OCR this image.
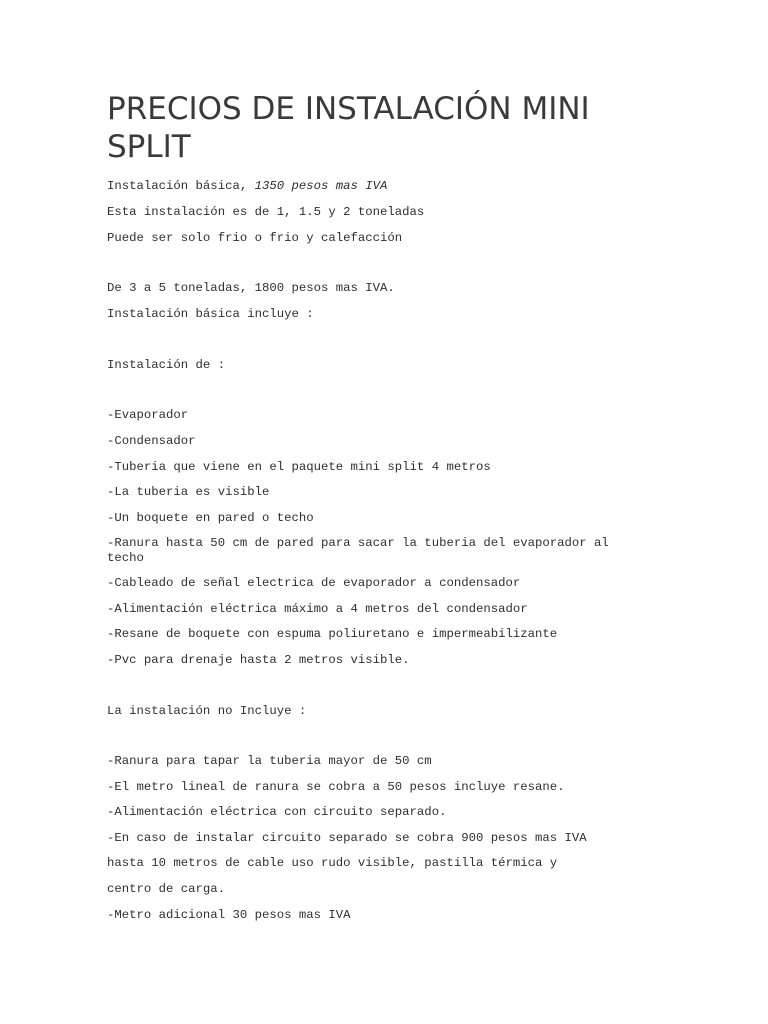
PRECIOS DE INSTALACIÓN MINI SPLIT

Instalación básica, 1350 pesos mas IVA

Esta instalación es de 1, 1.5 y 2 toneladas

Puede ser solo frio o frio y calefacción

De 3 a 5 toneladas, 1800 pesos mas IVA.

Instalación básica incluye :

Instalación de :

-Evaporador

-Condensador

-Tuberia que viene en el paquete mini split 4 metros

-La tuberia es visible

-Un boquete en pared o techo

-Ranura hasta 50 cm de pared para sacar la tuberia del evaporador al techo

-Cableado de señal electrica de evaporador a condensador

-Alimentación eléctrica máximo a 4 metros del condensador

-Resane de boquete con espuma poliuretano e impermeabilizante

-Pvc para drenaje hasta 2 metros visible.

La instalación no Incluye :

-Ranura para tapar la tuberia mayor de 50 cm

-El metro lineal de ranura se cobra a 50 pesos incluye resane.

-Alimentación eléctrica con circuito separado.

-En caso de instalar circuito separado se cobra 900 pesos mas IVA

hasta 10 metros de cable uso rudo visible, pastilla térmica y

centro de carga.

-Metro adicional 30 pesos mas IVA
